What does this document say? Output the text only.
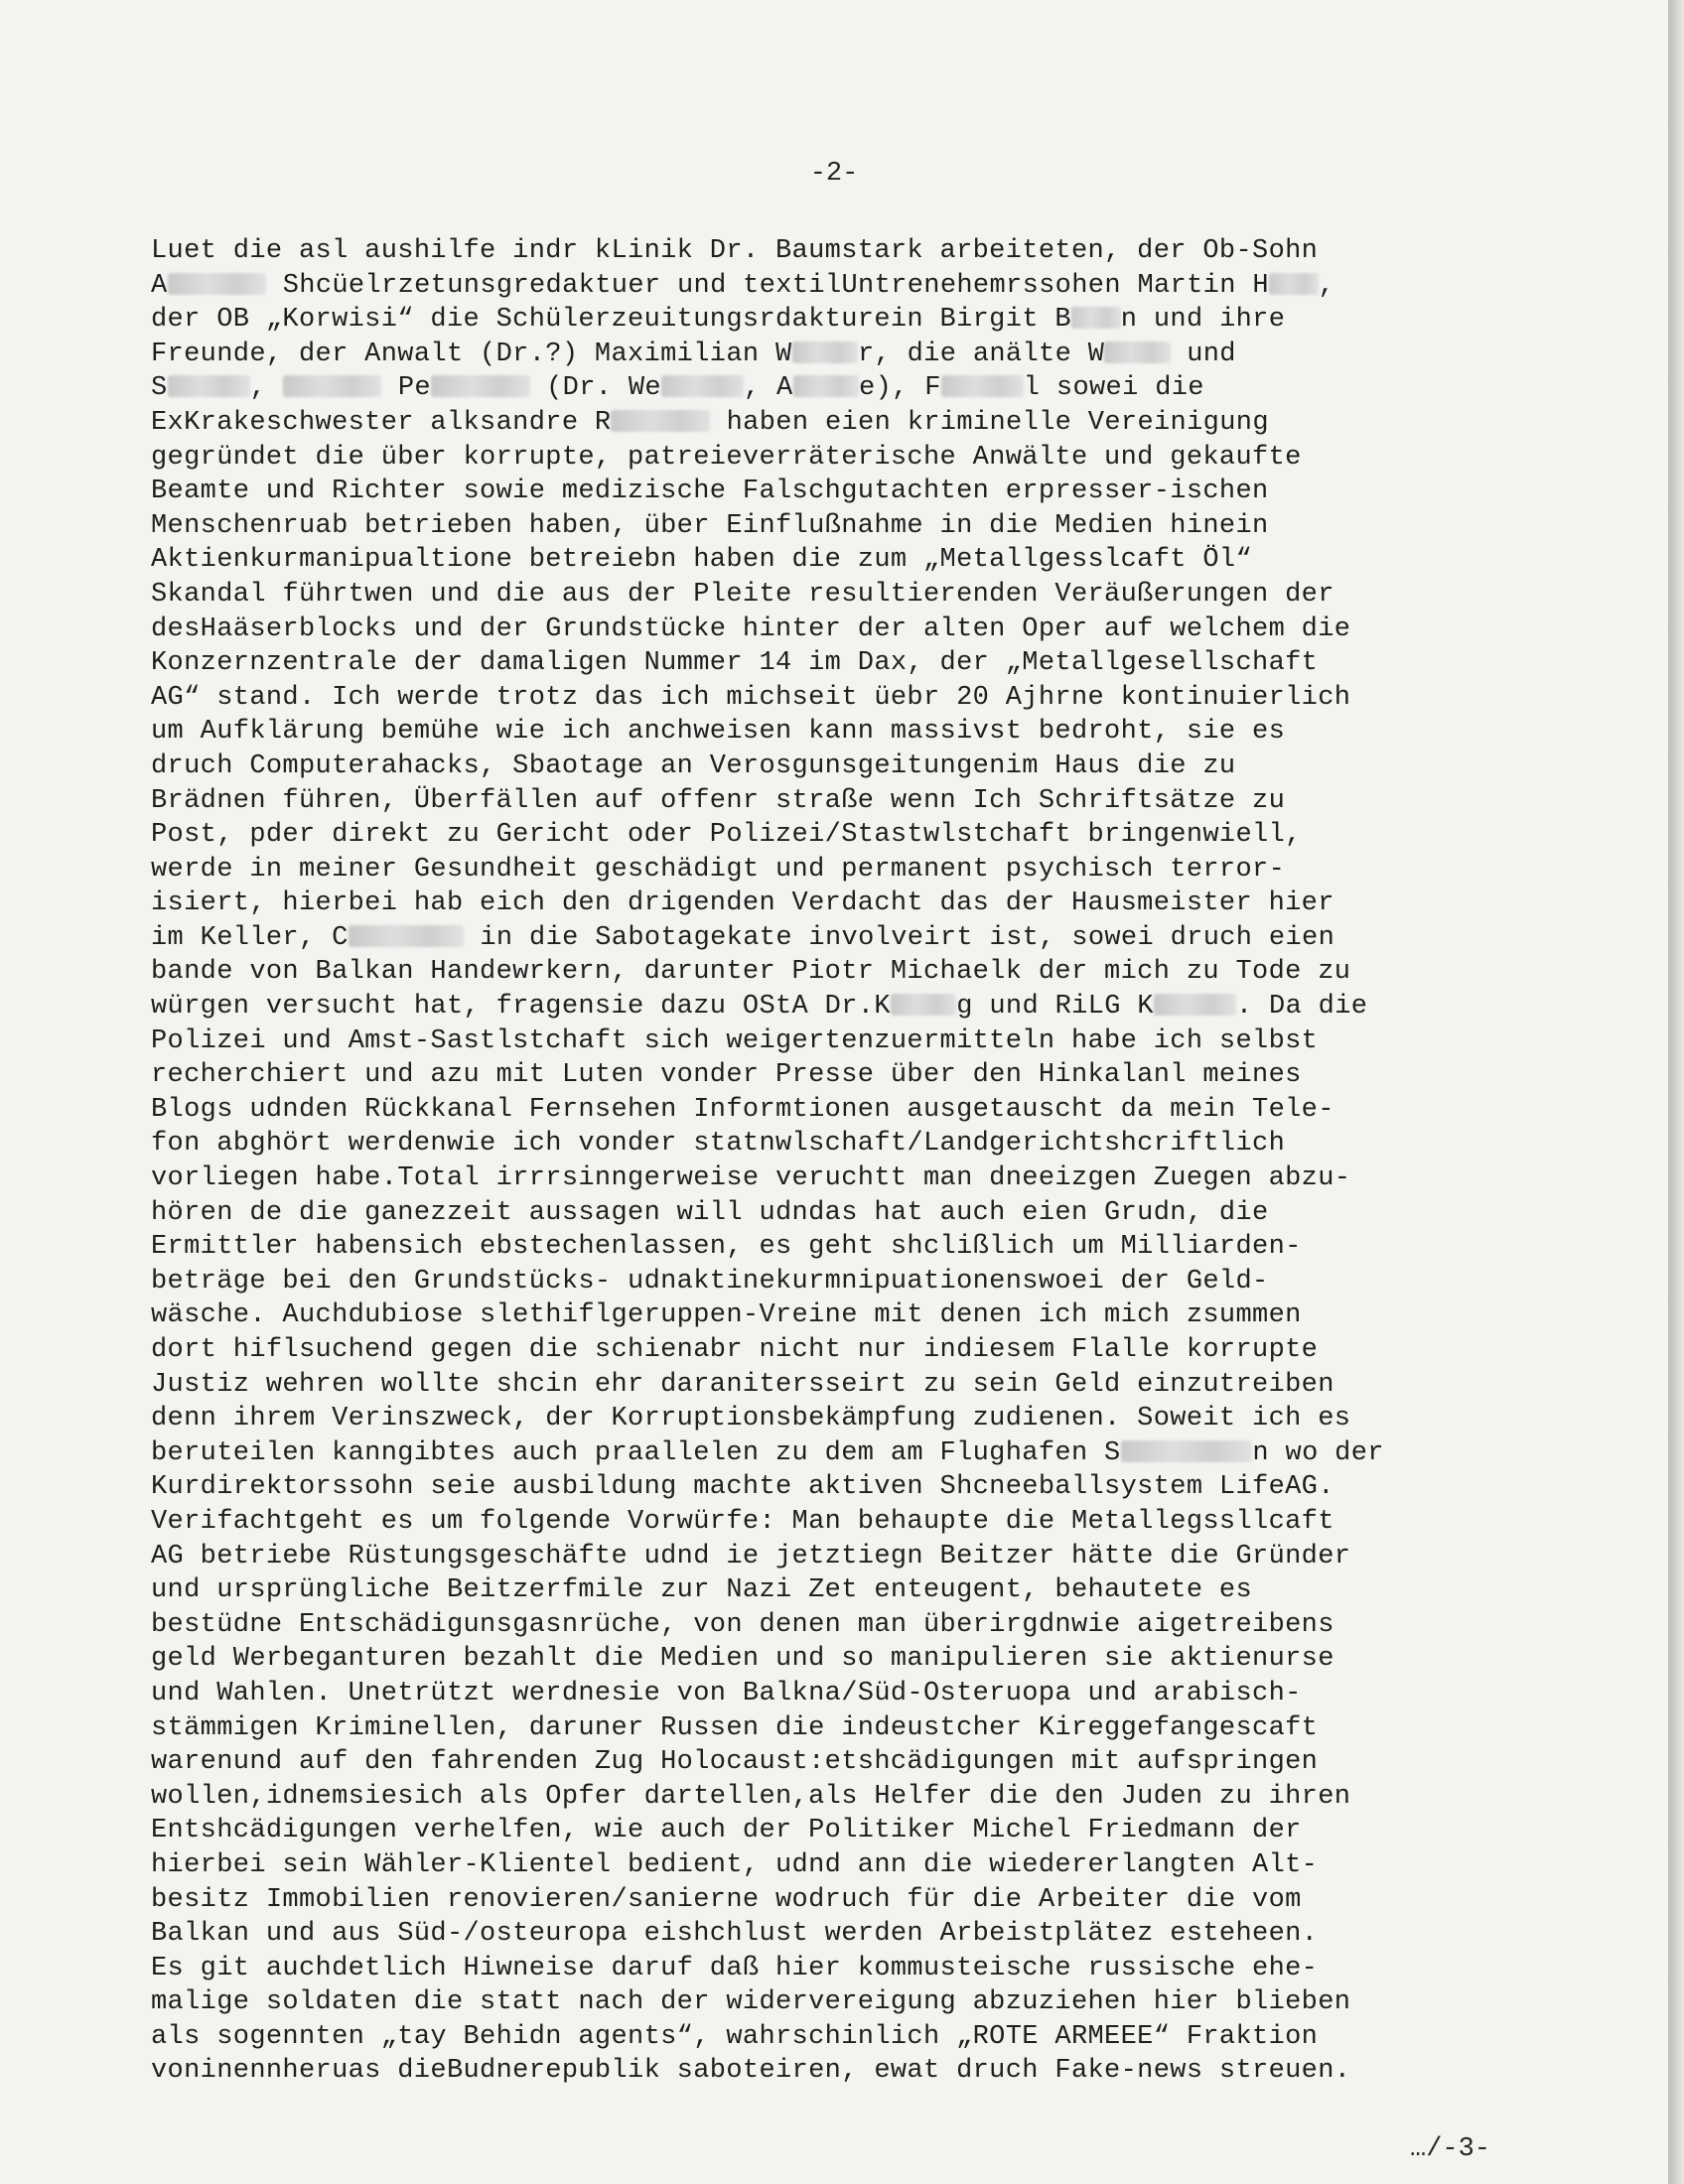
-2-
Luet die asl aushilfe indr kLinik Dr. Baumstark arbeiteten, der Ob-Sohn
A	Shcüelrzetunsgredaktuer und textilUntrenehemrssohen Martin H ,
der OB „Korwisi“ die Schülerzeuitungsrdakturein Birgit B n und ihre
Freunde, der Anwalt (Dr.?) Maximilian W r, die anälte W und
S	,	Pe	(Dr. We	, A e), F	l sowei die
ExKrakeschwester alksandre R	haben eien kriminelle Vereinigung
gegründet die über korrupte, patreieverräterische Anwälte und gekaufte
Beamte und Richter sowie medizische Falschgutachten erpresser-ischen
Menschenruab betrieben haben, über Einflußnahme in die Medien hinein
Aktienkurmanipualtione betreiebn haben die zum „Metallgesslcaft Öl“
Skandal führtwen und die aus der Pleite resultierenden Veräußerungen der
desHaäserblocks und der Grundstücke hinter der alten Oper auf welchem die
Konzernzentrale der damaligen Nummer 14 im Dax, der „Metallgesellschaft
AG“ stand. Ich werde trotz das ich michseit üebr 20 Ajhrne kontinuierlich
um Aufklärung bemühe wie ich anchweisen kann massivst bedroht, sie es
druch Computerahacks, Sbaotage an Verosgunsgeitungenim Haus die zu
Brädnen führen, Überfällen auf offenr straße wenn Ich Schriftsätze zu
Post, pder direkt zu Gericht oder Polizei/Stastwlstchaft bringenwiell,
werde in meiner Gesundheit geschädigt und permanent psychisch terror-
isiert, hierbei hab eich den drigenden Verdacht das der Hausmeister hier
im Keller, C	in die Sabotagekate involveirt ist, sowei druch eien
bande von Balkan Handewrkern, darunter Piotr Michaelk der mich zu Tode zu
würgen versucht hat, fragensie dazu OStA Dr.K g und RiLG K	. Da die
Polizei und Amst-Sastlstchaft sich weigertenzuermitteln habe ich selbst
recherchiert und azu mit Luten vonder Presse über den Hinkalanl meines
Blogs udnden Rückkanal Fernsehen Informtionen ausgetauscht da mein Tele-
fon abghört werdenwie ich vonder statnwlschaft/Landgerichtshcriftlich
vorliegen habe.Total irrrsinngerweise veruchtt man dneeizgen Zuegen abzu-
hören de die ganezzeit aussagen will udndas hat auch eien Grudn, die
Ermittler habensich ebstechenlassen, es geht shclißlich um Milliarden-
beträge bei den Grundstücks- udnaktinekurmnipuationenswoei der Geld-
wäsche. Auchdubiose slethiflgeruppen-Vreine mit denen ich mich zsummen
dort hiflsuchend gegen die schienabr nicht nur indiesem Flalle korrupte
Justiz wehren wollte shcin ehr daranitersseirt zu sein Geld einzutreiben
denn ihrem Verinszweck, der Korruptionsbekämpfung zudienen. Soweit ich es
beruteilen kanngibtes auch praallelen zu dem am Flughafen S	n wo der
Kurdirektorssohn seie ausbildung machte aktiven Shcneeballsystem LifeAG.
Verifachtgeht es um folgende Vorwürfe: Man behaupte die Metallegssllcaft
AG betriebe Rüstungsgeschäfte udnd ie jetztiegn Beitzer hätte die Gründer
und ursprüngliche Beitzerfmile zur Nazi Zet enteugent, behautete es
bestüdne Entschädigunsgasnrüche, von denen man überirgdnwie aigetreibens
geld Werbeganturen bezahlt die Medien und so manipulieren sie aktienurse
und Wahlen. Unetrützt werdnesie von Balkna/Süd-Osteruopa und arabisch-
stämmigen Kriminellen, daruner Russen die indeustcher Kireggefangescaft
warenund auf den fahrenden Zug Holocaust:etshcädigungen mit aufspringen
wollen,idnemsiesich als Opfer dartellen,als Helfer die den Juden zu ihren
Entshcädigungen verhelfen, wie auch der Politiker Michel Friedmann der
hierbei sein Wähler-Klientel bedient, udnd ann die wiedererlangten Alt-
besitz Immobilien renovieren/sanierne wodruch für die Arbeiter die vom
Balkan und aus Süd-/osteuropa eishchlust werden Arbeistplätez esteheen.
Es git auchdetlich Hiwneise daruf daß hier kommusteische russische ehe-
malige soldaten die statt nach der widervereigung abzuziehen hier blieben
als sogennten „tay Behidn agents“, wahrschinlich „ROTE ARMEEE“ Fraktion
voninennheruas dieBudnerepublik saboteiren, ewat druch Fake-news streuen.
…/-3-
